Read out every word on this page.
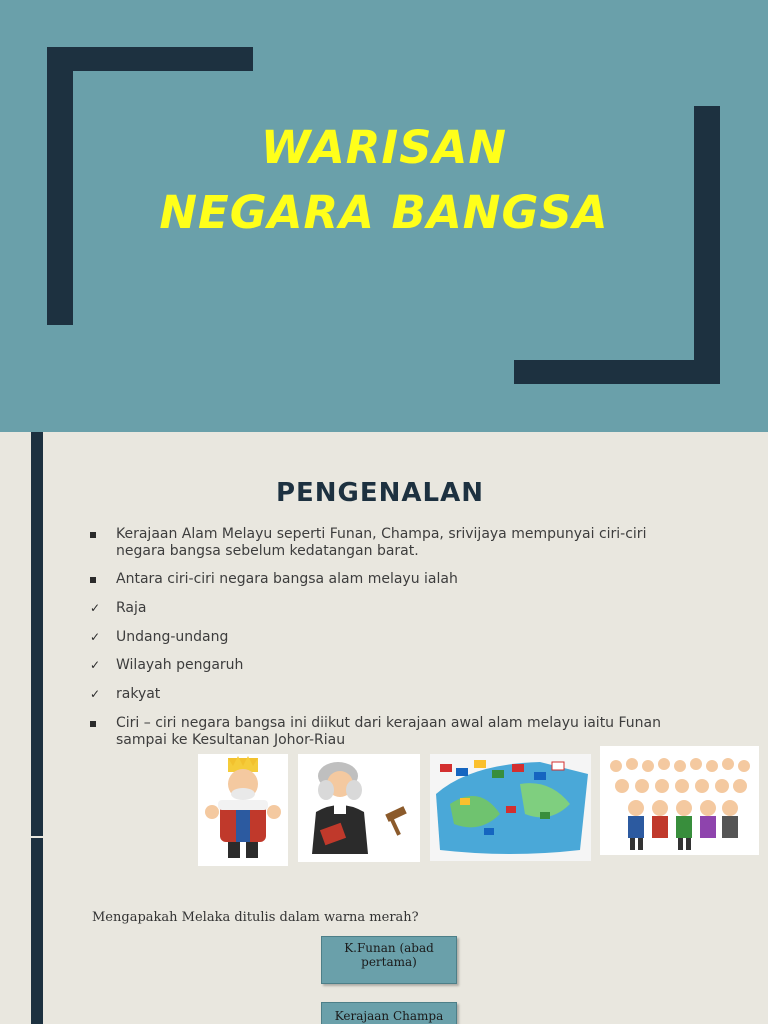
WARISAN
NEGARA BANGSA
PENGENALAN
Kerajaan Alam Melayu seperti Funan, Champa, srivijaya mempunyai ciri-ciri negara bangsa sebelum kedatangan barat.
Antara ciri-ciri negara bangsa alam melayu ialah
✓	Raja
✓	Undang-undang
✓	Wilayah pengaruh
✓	rakyat
Ciri – ciri negara bangsa ini diikut dari kerajaan awal alam melayu iaitu Funan sampai ke Kesultanan Johor-Riau
Mengapakah Melaka ditulis dalam warna merah?
K.Funan (abad pertama)
Kerajaan Champa
